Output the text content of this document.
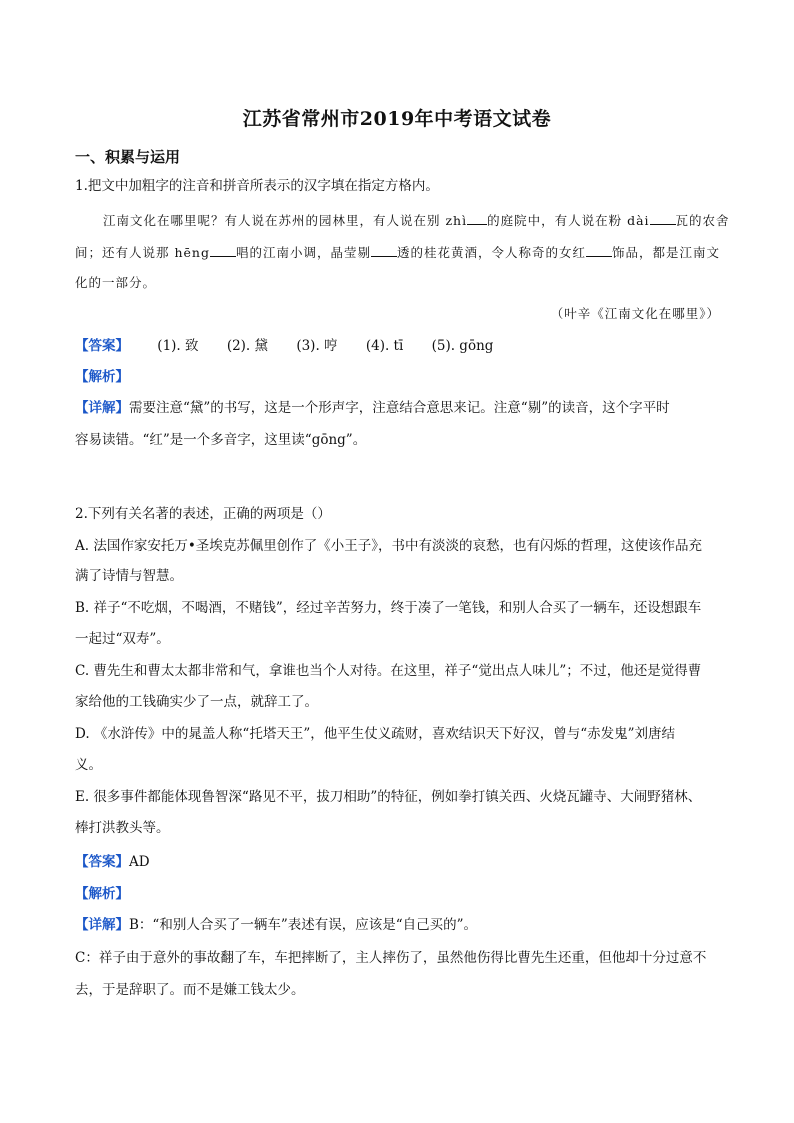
江苏省常州市2019年中考语文试卷
一、积累与运用
1.把文中加粗字的注音和拼音所表示的汉字填在指定方格内。
江南文化在哪里呢？有人说在苏州的园林里，有人说在别 zhì 的庭院中，有人说在粉 dài 瓦的农舍
间；还有人说那 hēng 唱的江南小调，晶莹剔 透的桂花黄酒，令人称奇的女红 饰品，都是江南文
化的一部分。
（叶辛《江南文化在哪里》）
【答案】 (1). 致 (2). 黛 (3). 哼 (4). tī (5). gōng
【解析】
【详解】需要注意“黛”的书写，这是一个形声字，注意结合意思来记。注意“剔”的读音，这个字平时
容易读错。“红”是一个多音字，这里读“gōng”。
2.下列有关名著的表述，正确的两项是（）
A. 法国作家安托万•圣埃克苏佩里创作了《小王子》，书中有淡淡的哀愁，也有闪烁的哲理，这使该作品充
满了诗情与智慧。
B. 祥子“不吃烟，不喝酒，不赌钱”，经过辛苦努力，终于凑了一笔钱，和别人合买了一辆车，还设想跟车
一起过“双寿”。
C. 曹先生和曹太太都非常和气，拿谁也当个人对待。在这里，祥子“觉出点人味儿”；不过，他还是觉得曹
家给他的工钱确实少了一点，就辞工了。
D. 《水浒传》中的晁盖人称“托塔天王”，他平生仗义疏财，喜欢结识天下好汉，曾与“赤发鬼”刘唐结
义。
E. 很多事件都能体现鲁智深“路见不平，拔刀相助”的特征，例如拳打镇关西、火烧瓦罐寺、大闹野猪林、
棒打洪教头等。
【答案】AD
【解析】
【详解】B：“和别人合买了一辆车”表述有误，应该是“自己买的”。
C：祥子由于意外的事故翻了车，车把摔断了，主人摔伤了，虽然他伤得比曹先生还重，但他却十分过意不
去，于是辞职了。而不是嫌工钱太少。
